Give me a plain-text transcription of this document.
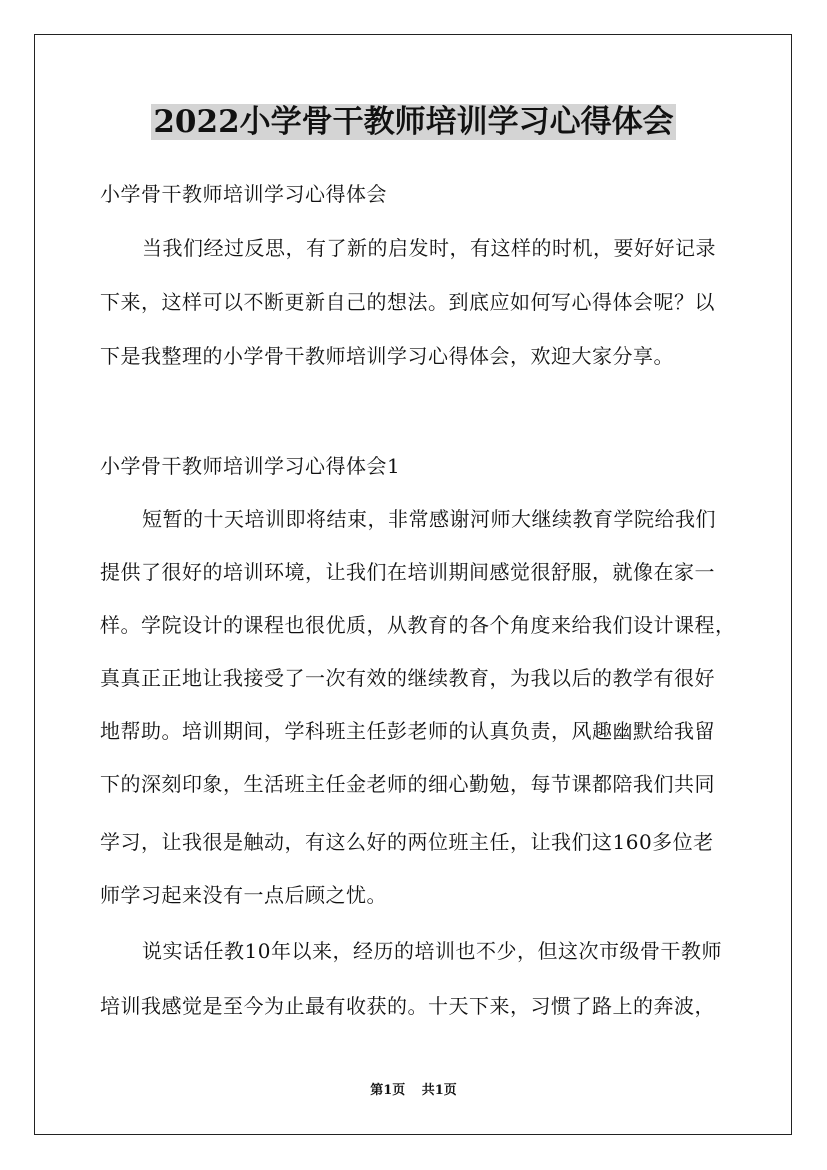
2022小学骨干教师培训学习心得体会
小学骨干教师培训学习心得体会
当我们经过反思，有了新的启发时，有这样的时机，要好好记录
下来，这样可以不断更新自己的想法。到底应如何写心得体会呢？以
下是我整理的小学骨干教师培训学习心得体会，欢迎大家分享。
小学骨干教师培训学习心得体会1
短暂的十天培训即将结束，非常感谢河师大继续教育学院给我们
提供了很好的培训环境，让我们在培训期间感觉很舒服，就像在家一
样。学院设计的课程也很优质，从教育的各个角度来给我们设计课程，
真真正正地让我接受了一次有效的继续教育，为我以后的教学有很好
地帮助。培训期间，学科班主任彭老师的认真负责，风趣幽默给我留
下的深刻印象，生活班主任金老师的细心勤勉，每节课都陪我们共同
学习，让我很是触动，有这么好的两位班主任，让我们这160多位老
师学习起来没有一点后顾之忧。
说实话任教10年以来，经历的培训也不少，但这次市级骨干教师
培训我感觉是至今为止最有收获的。十天下来，习惯了路上的奔波，
第1页 共1页
